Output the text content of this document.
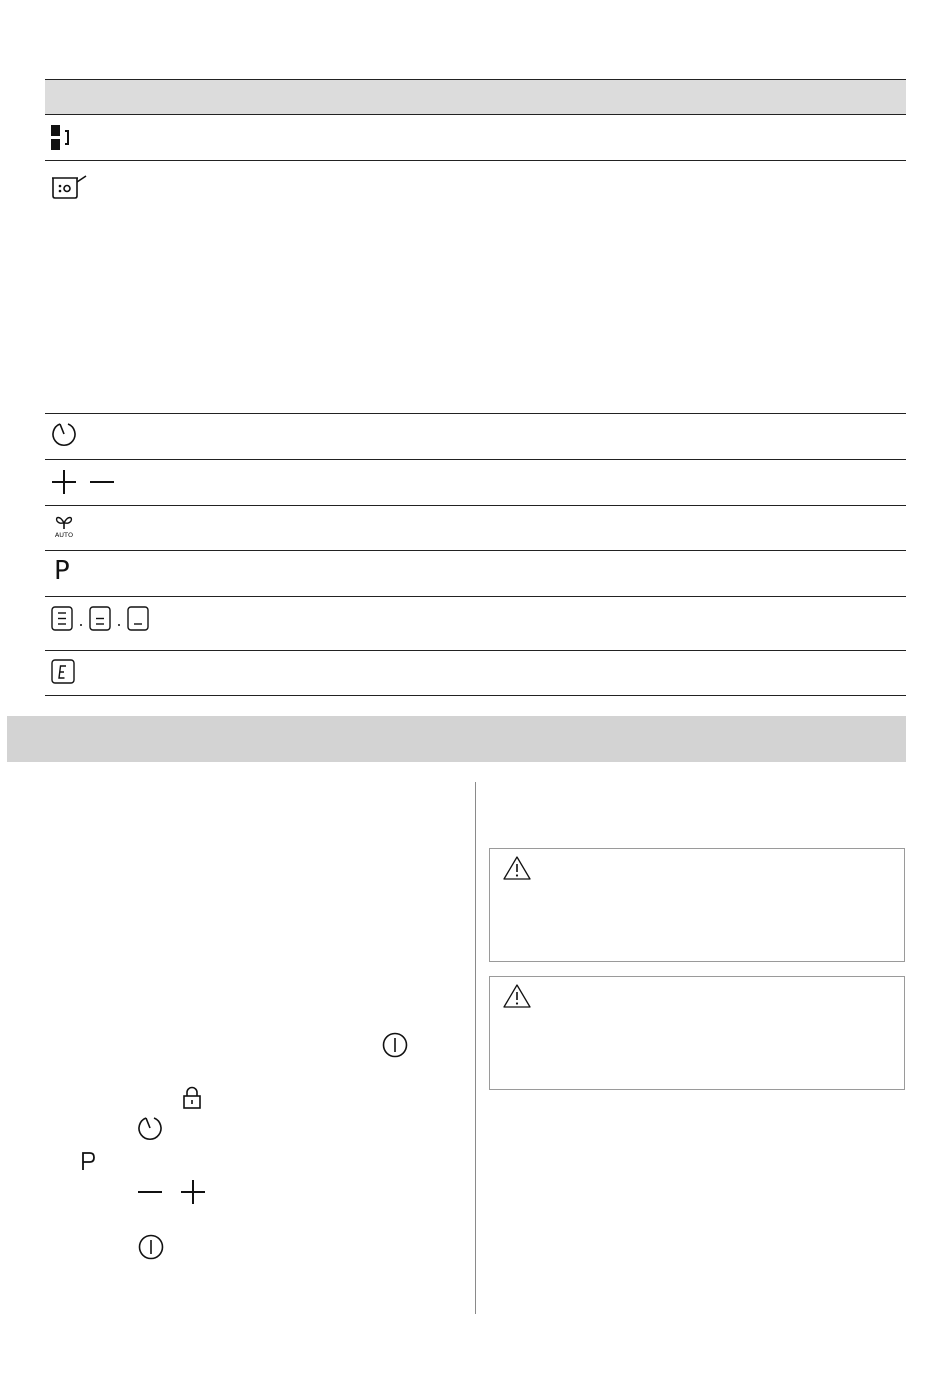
AUTO
P
